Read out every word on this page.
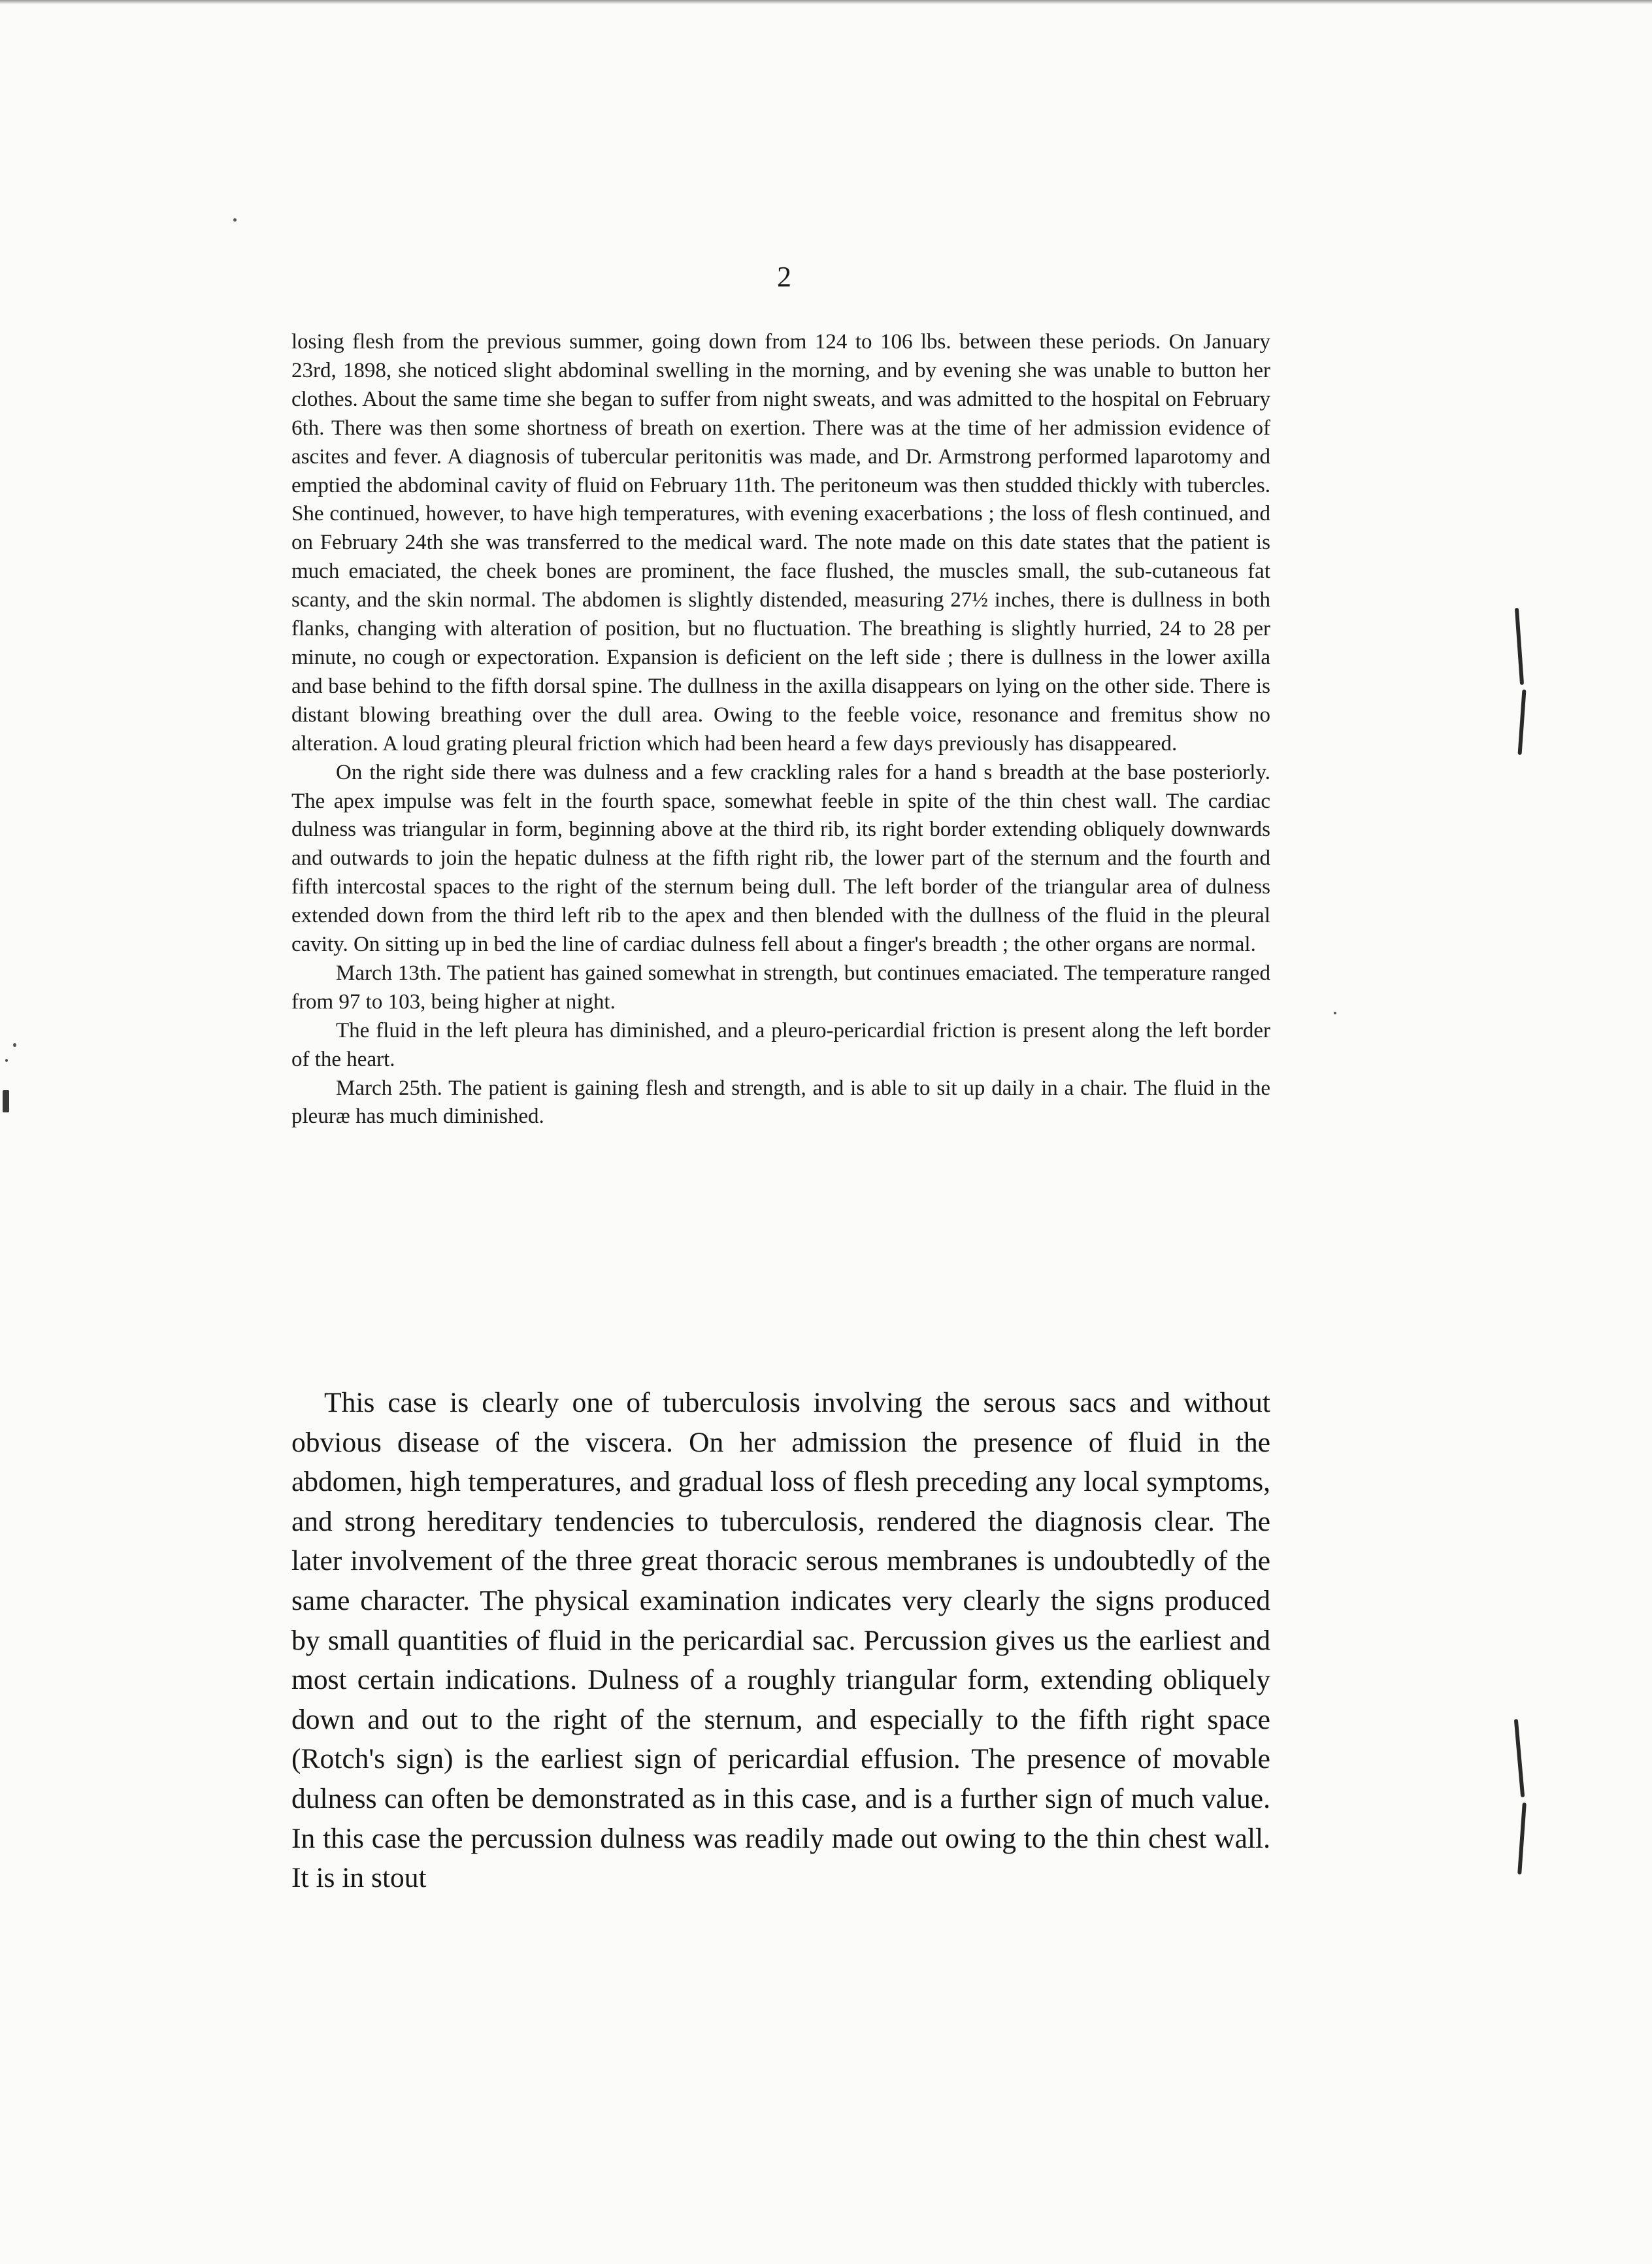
2

losing flesh from the previous summer, going down from 124 to 106 lbs. between these periods. On January 23rd, 1898, she noticed slight abdominal swelling in the morning, and by evening she was unable to button her clothes. About the same time she began to suffer from night sweats, and was admitted to the hospital on February 6th. There was then some shortness of breath on exertion. There was at the time of her admission evidence of ascites and fever. A diagnosis of tubercular peritonitis was made, and Dr. Armstrong performed laparotomy and emptied the abdominal cavity of fluid on February 11th. The peritoneum was then studded thickly with tubercles. She continued, however, to have high temperatures, with evening exacerbations ; the loss of flesh continued, and on February 24th she was transferred to the medical ward. The note made on this date states that the patient is much emaciated, the cheek bones are prominent, the face flushed, the muscles small, the sub-cutaneous fat scanty, and the skin normal. The abdomen is slightly distended, measuring 27½ inches, there is dullness in both flanks, changing with alteration of position, but no fluctuation. The breathing is slightly hurried, 24 to 28 per minute, no cough or expectoration. Expansion is deficient on the left side ; there is dullness in the lower axilla and base behind to the fifth dorsal spine. The dullness in the axilla disappears on lying on the other side. There is distant blowing breathing over the dull area. Owing to the feeble voice, resonance and fremitus show no alteration. A loud grating pleural friction which had been heard a few days previously has disappeared.

On the right side there was dulness and a few crackling rales for a hand s breadth at the base posteriorly. The apex impulse was felt in the fourth space, somewhat feeble in spite of the thin chest wall. The cardiac dulness was triangular in form, beginning above at the third rib, its right border extending obliquely downwards and outwards to join the hepatic dulness at the fifth right rib, the lower part of the sternum and the fourth and fifth intercostal spaces to the right of the sternum being dull. The left border of the triangular area of dulness extended down from the third left rib to the apex and then blended with the dullness of the fluid in the pleural cavity. On sitting up in bed the line of cardiac dulness fell about a finger's breadth ; the other organs are normal.

March 13th. The patient has gained somewhat in strength, but continues emaciated. The temperature ranged from 97 to 103, being higher at night.

The fluid in the left pleura has diminished, and a pleuro-pericardial friction is present along the left border of the heart.

March 25th. The patient is gaining flesh and strength, and is able to sit up daily in a chair. The fluid in the pleuræ has much diminished.

This case is clearly one of tuberculosis involving the serous sacs and without obvious disease of the viscera. On her admission the presence of fluid in the abdomen, high temperatures, and gradual loss of flesh preceding any local symptoms, and strong hereditary tendencies to tuberculosis, rendered the diagnosis clear. The later involvement of the three great thoracic serous membranes is undoubtedly of the same character. The physical examination indicates very clearly the signs produced by small quantities of fluid in the pericardial sac. Percussion gives us the earliest and most certain indications. Dulness of a roughly triangular form, extending obliquely down and out to the right of the sternum, and especially to the fifth right space (Rotch's sign) is the earliest sign of pericardial effusion. The presence of movable dulness can often be demonstrated as in this case, and is a further sign of much value. In this case the percussion dulness was readily made out owing to the thin chest wall. It is in stout
